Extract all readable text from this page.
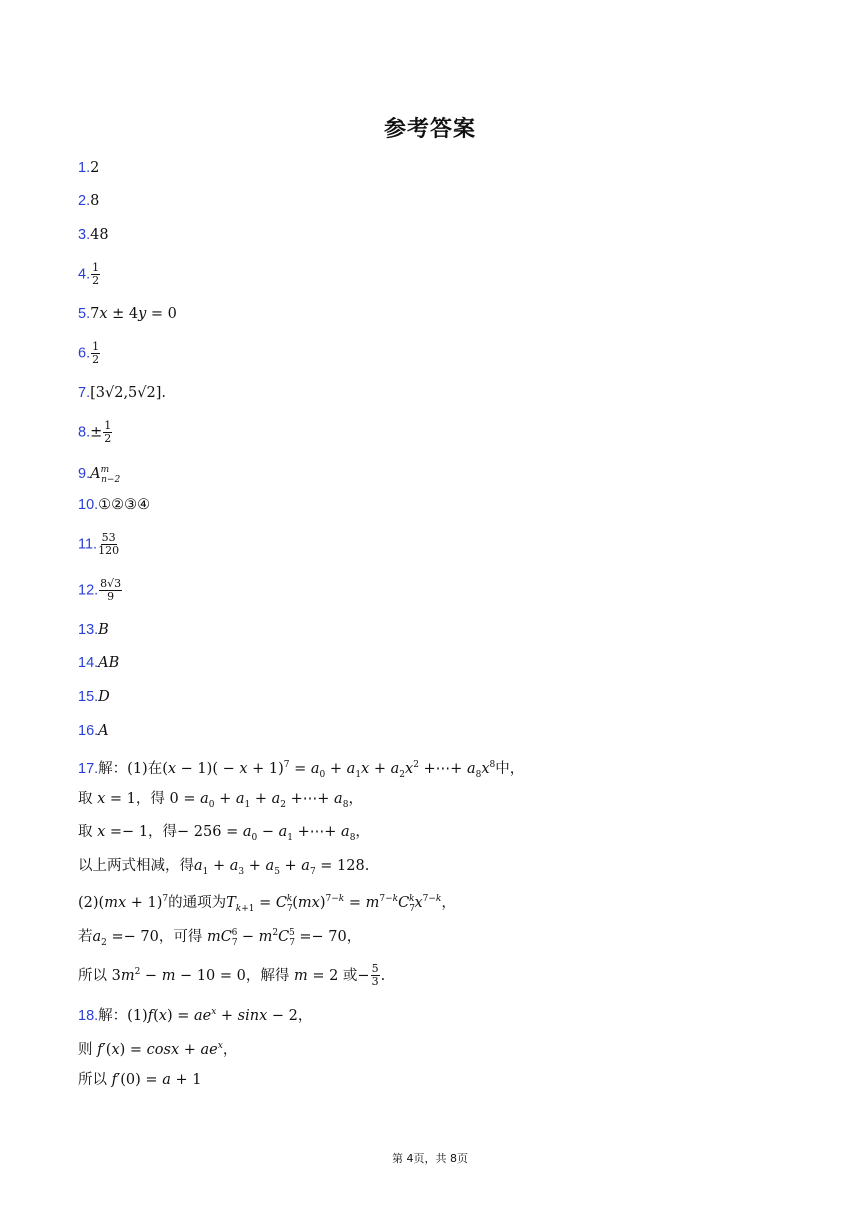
参考答案
1.2
2.8
3.48
4. $\frac{1}{2}$
5.7x ± 4y = 0
6. $\frac{1}{2}$
7.[3√2,5√2].
$8.\pm \frac{1}{2}$
$9.A^m_{n-2}$
10.①②③④
11. $\frac{53}{120}$
12. $\frac{8√3}{9}$
13.B
14.AB
15.D
16.A
17.解：(1)在$(x - 1)( - x + 1)^7 = a_0 + a_1x + a_2x^2$ +⋯+ $a_8x^8$中，
取 x = 1，得 $0 = a_0 + a_1 + a_2$ +⋯+ $a_8$，
取 x =− 1，得− $256 = a_0 - a_1$ +⋯+ $a_8$，
以上两式相减，得$a_1 + a_3 + a_5 + a_7 = 128$.
(2)(mx + 1)$^7$的通项为$T_{k+1} = C_7^k(mx)^{7-k} = m^{7-k}C_7^kx^{7-k}$，
若$a_2 =- 70$，可得 $mC_7^6 - m^2C_7^5 =- 70$，
所以 $3m^2 - m - 10 = 0$，解得 m = 2 或− $\frac{5}{3}$ .
18.解：$(1)f(x) = ae^x + \sin x - 2$，
则 $f'(x) = \cos x + ae^x$，
所以 f′(0) = a + 1
第 4页，共 8页
